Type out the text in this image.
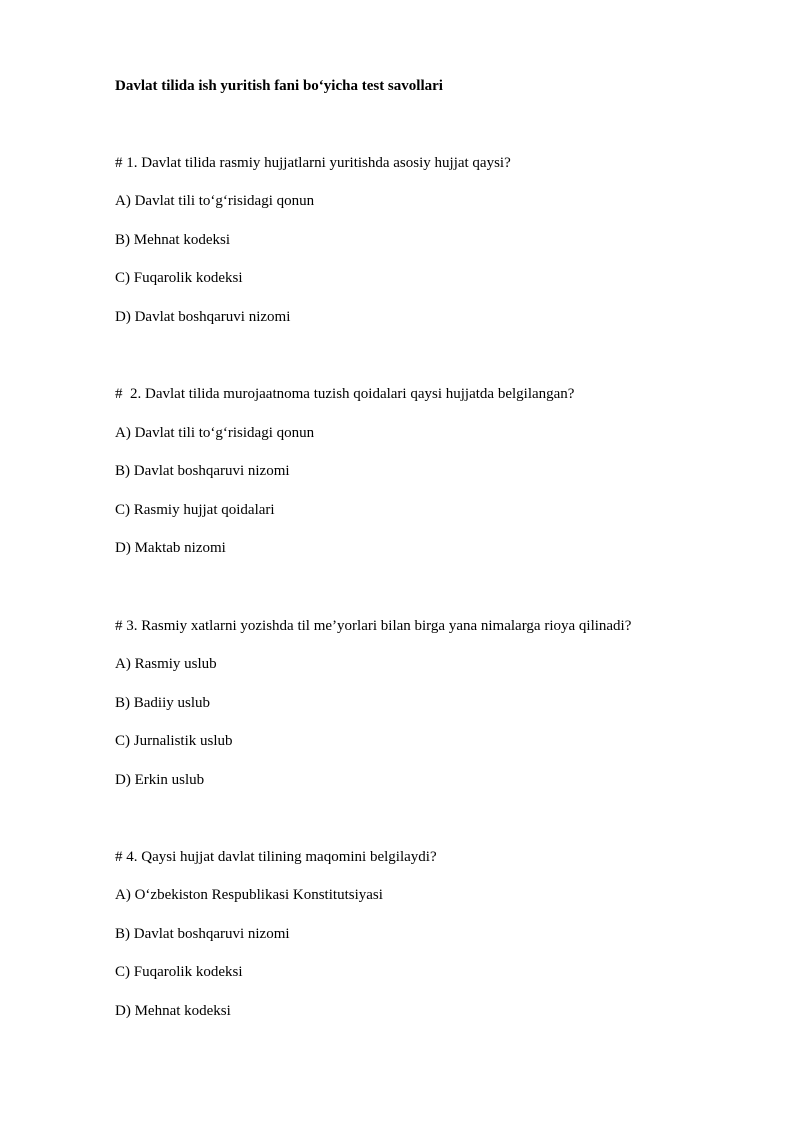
Davlat tilida ish yuritish fani bo‘yicha test savollari
# 1. Davlat tilida rasmiy hujjatlarni yuritishda asosiy hujjat qaysi?
A) Davlat tili to‘g‘risidagi qonun
B) Mehnat kodeksi
C) Fuqarolik kodeksi
D) Davlat boshqaruvi nizomi
#  2. Davlat tilida murojaatnoma tuzish qoidalari qaysi hujjatda belgilangan?
A) Davlat tili to‘g‘risidagi qonun
B) Davlat boshqaruvi nizomi
C) Rasmiy hujjat qoidalari
D) Maktab nizomi
# 3. Rasmiy xatlarni yozishda til me’yorlari bilan birga yana nimalarga rioya qilinadi?
A) Rasmiy uslub
B) Badiiy uslub
C) Jurnalistik uslub
D) Erkin uslub
# 4. Qaysi hujjat davlat tilining maqomini belgilaydi?
A) O‘zbekiston Respublikasi Konstitutsiyasi
B) Davlat boshqaruvi nizomi
C) Fuqarolik kodeksi
D) Mehnat kodeksi
